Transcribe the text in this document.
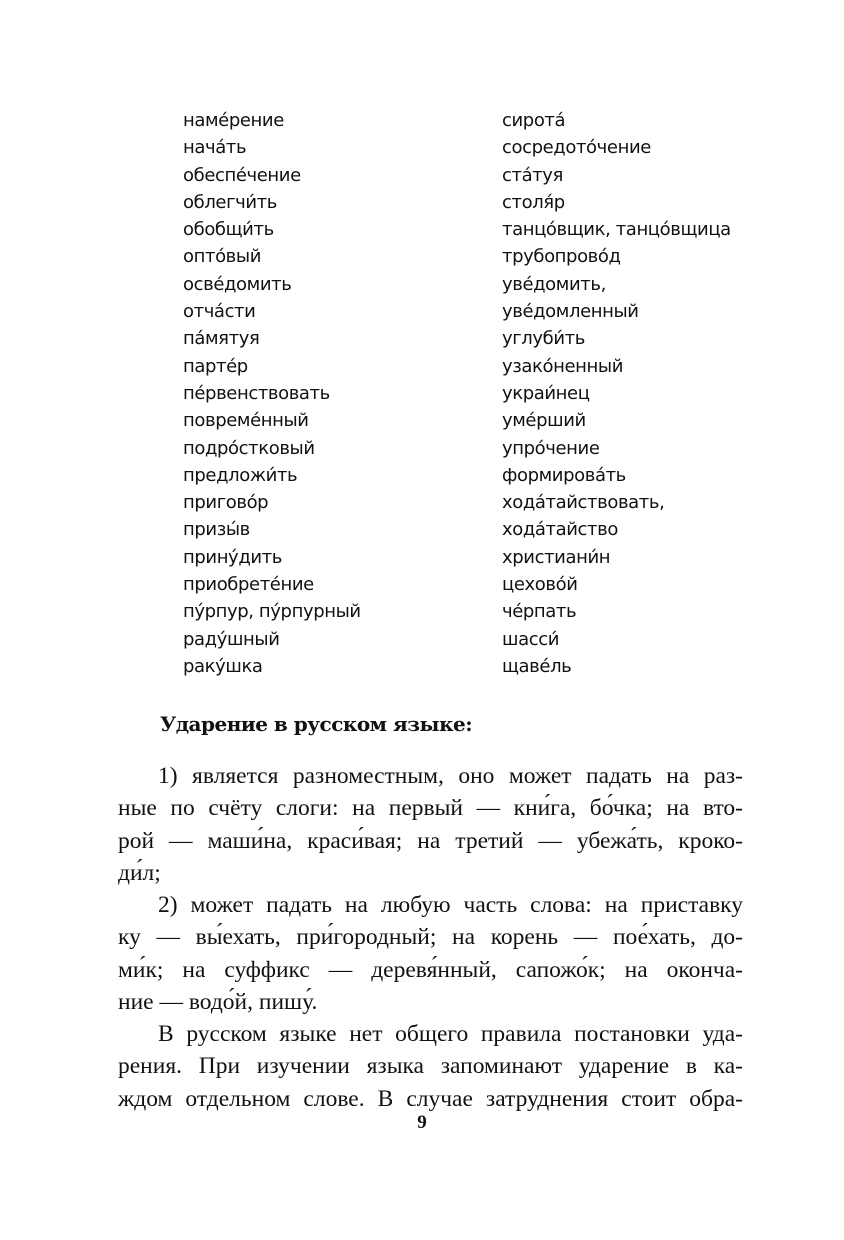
наме́рение
нача́ть
обеспе́чение
облегчи́ть
обобщи́ть
опто́вый
осве́домить
отча́сти
па́мятуя
парте́р
пе́рвенствовать
повреме́нный
подро́стковый
предложи́ть
пригово́р
призы́в
прину́дить
приобрете́ние
пу́рпур, пу́рпурный
раду́шный
раку́шка
сирота́
сосредото́чение
ста́туя
столя́р
танцо́вщик, танцо́вщица
трубопрово́д
уве́домить,
уве́домленный
углуби́ть
узако́ненный
украи́нец
уме́рший
упро́чение
формирова́ть
хода́тайствовать,
хода́тайство
христиани́н
цехово́й
че́рпать
шасси́
щаве́ль
Ударение в русском языке:
1) является разноместным, оно может падать на раз-
ные по счёту слоги: на первый — кни́га, бо́чка; на вто-
рой — маши́на, краси́вая; на третий — убежа́ть, кроко-
ди́л;
2) может падать на любую часть слова: на приставку
ку — вы́ехать, при́городный; на корень — пое́хать, до-
ми́к; на суффикс — деревя́нный, сапожо́к; на оконча-
ние — водо́й, пишу́.
В русском языке нет общего правила постановки уда-
рения. При изучении языка запоминают ударение в ка-
ждом отдельном слове. В случае затруднения стоит обра-
9
